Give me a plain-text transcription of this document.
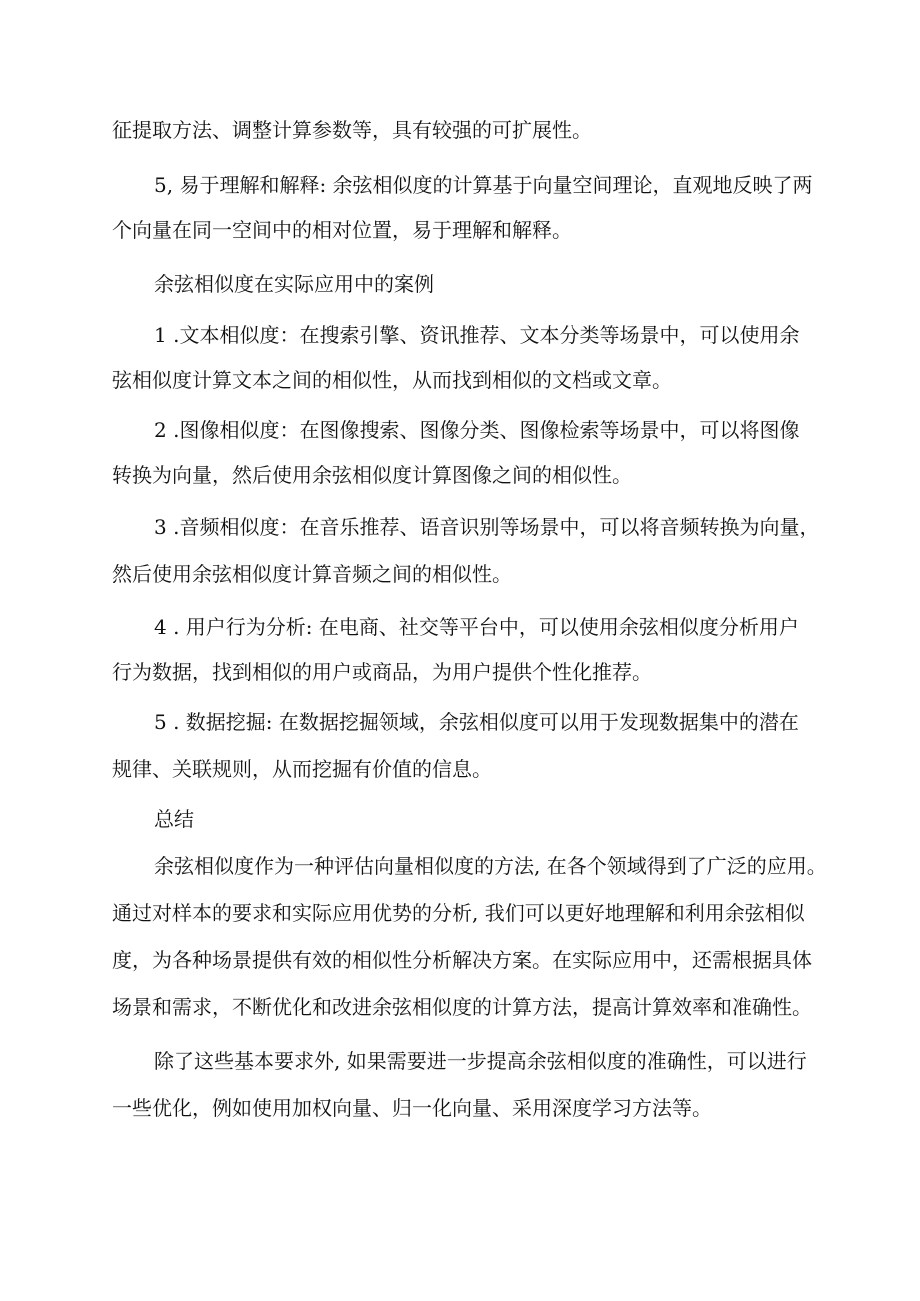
征提取方法、调整计算参数等，具有较强的可扩展性。

5, 易于理解和解释: 余弦相似度的计算基于向量空间理论，直观地反映了两

个向量在同一空间中的相对位置，易于理解和解释。

余弦相似度在实际应用中的案例

1 .文本相似度：在搜索引擎、资讯推荐、文本分类等场景中，可以使用余

弦相似度计算文本之间的相似性，从而找到相似的文档或文章。

2 .图像相似度：在图像搜索、图像分类、图像检索等场景中，可以将图像

转换为向量，然后使用余弦相似度计算图像之间的相似性。

3 .音频相似度：在音乐推荐、语音识别等场景中，可以将音频转换为向量，

然后使用余弦相似度计算音频之间的相似性。

4 . 用户行为分析: 在电商、社交等平台中，可以使用余弦相似度分析用户

行为数据，找到相似的用户或商品，为用户提供个性化推荐。

5 . 数据挖掘: 在数据挖掘领域，余弦相似度可以用于发现数据集中的潜在

规律、关联规则，从而挖掘有价值的信息。

总结

余弦相似度作为一种评估向量相似度的方法, 在各个领域得到了广泛的应用。

通过对样本的要求和实际应用优势的分析, 我们可以更好地理解和利用余弦相似

度，为各种场景提供有效的相似性分析解决方案。在实际应用中，还需根据具体

场景和需求，不断优化和改进余弦相似度的计算方法，提高计算效率和准确性。

除了这些基本要求外, 如果需要进一步提高余弦相似度的准确性，可以进行

一些优化，例如使用加权向量、归一化向量、采用深度学习方法等。
